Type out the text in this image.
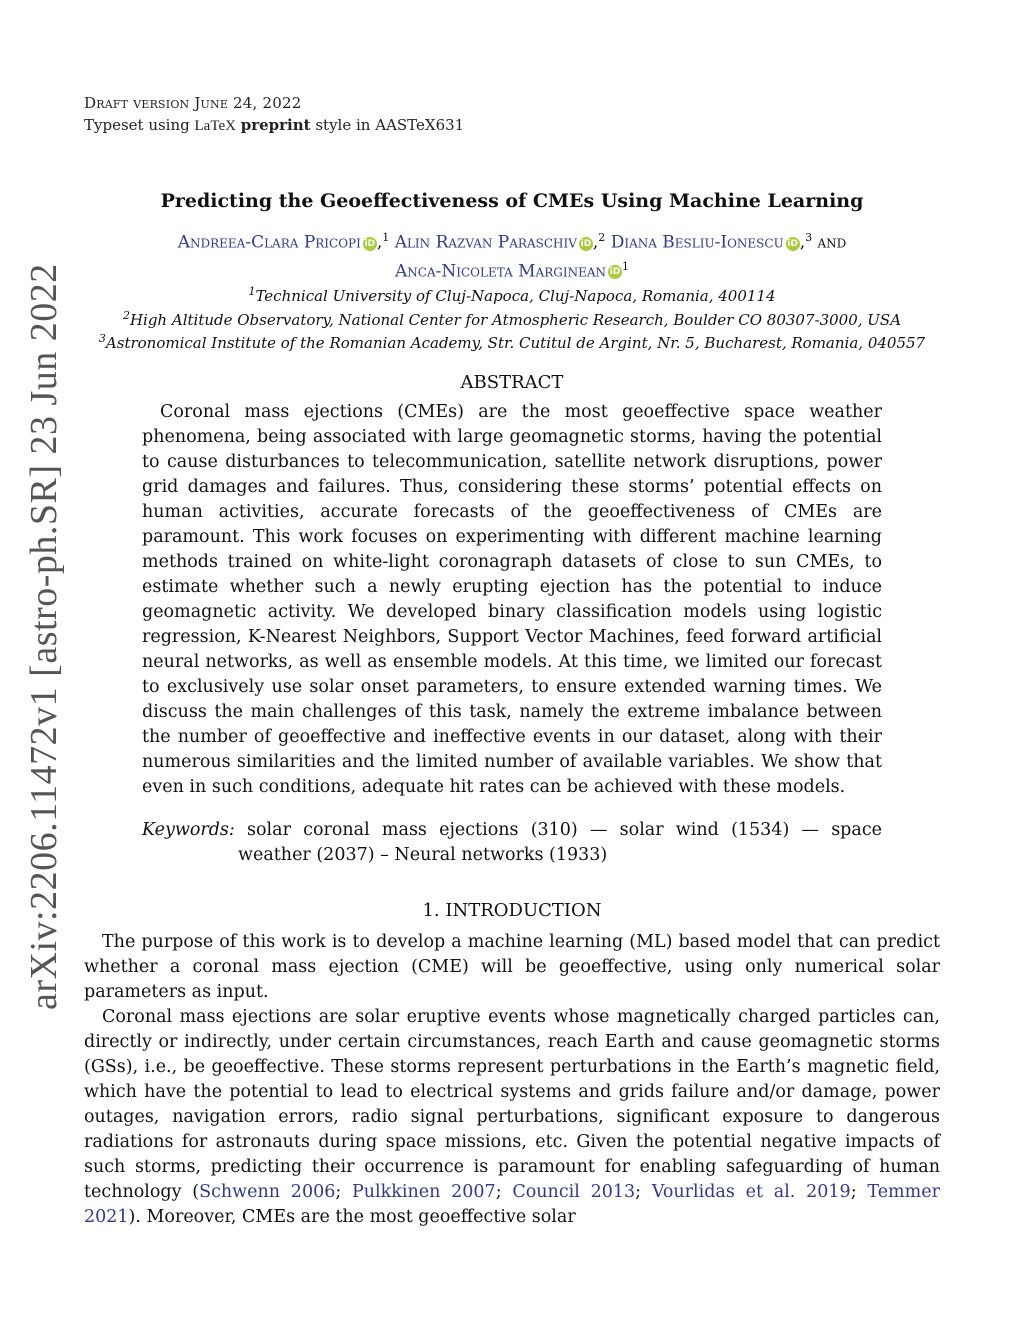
Draft version June 24, 2022
Typeset using LaTeX preprint style in AASTeX631
arXiv:2206.11472v1 [astro-ph.SR] 23 Jun 2022
Predicting the Geoeffectiveness of CMEs Using Machine Learning
Andreea-Clara Pricopi iD ,$^1$ Alin Razvan Paraschiv iD ,$^2$ Diana Besliu-Ionescu iD ,$^3$ and
Anca-Nicoleta Marginean iD $^1$
$^1$Technical University of Cluj-Napoca, Cluj-Napoca, Romania, 400114
$^2$High Altitude Observatory, National Center for Atmospheric Research, Boulder CO 80307-3000, USA
$^3$Astronomical Institute of the Romanian Academy, Str. Cutitul de Argint, Nr. 5, Bucharest, Romania, 040557
ABSTRACT
Coronal mass ejections (CMEs) are the most geoeffective space weather phenomena, being associated with large geomagnetic storms, having the potential to cause disturbances to telecommunication, satellite network disruptions, power grid damages and failures. Thus, considering these storms’ potential effects on human activities, accurate forecasts of the geoeffectiveness of CMEs are paramount. This work focuses on experimenting with different machine learning methods trained on white-light coronagraph datasets of close to sun CMEs, to estimate whether such a newly erupting ejection has the potential to induce geomagnetic activity. We developed binary classification models using logistic regression, K-Nearest Neighbors, Support Vector Machines, feed forward artificial neural networks, as well as ensemble models. At this time, we limited our forecast to exclusively use solar onset parameters, to ensure extended warning times. We discuss the main challenges of this task, namely the extreme imbalance between the number of geoeffective and ineffective events in our dataset, along with their numerous similarities and the limited number of available variables. We show that even in such conditions, adequate hit rates can be achieved with these models.
Keywords: solar coronal mass ejections (310) — solar wind (1534) — space weather (2037) – Neural networks (1933)
1. INTRODUCTION

The purpose of this work is to develop a machine learning (ML) based model that can predict whether a coronal mass ejection (CME) will be geoeffective, using only numerical solar parameters as input.

Coronal mass ejections are solar eruptive events whose magnetically charged particles can, directly or indirectly, under certain circumstances, reach Earth and cause geomagnetic storms (GSs), i.e., be geoeffective. These storms represent perturbations in the Earth’s magnetic field, which have the potential to lead to electrical systems and grids failure and/or damage, power outages, navigation errors, radio signal perturbations, significant exposure to dangerous radiations for astronauts during space missions, etc. Given the potential negative impacts of such storms, predicting their occurrence is paramount for enabling safeguarding of human technology (Schwenn 2006; Pulkkinen 2007; Council 2013; Vourlidas et al. 2019; Temmer 2021). Moreover, CMEs are the most geoeffective solar
